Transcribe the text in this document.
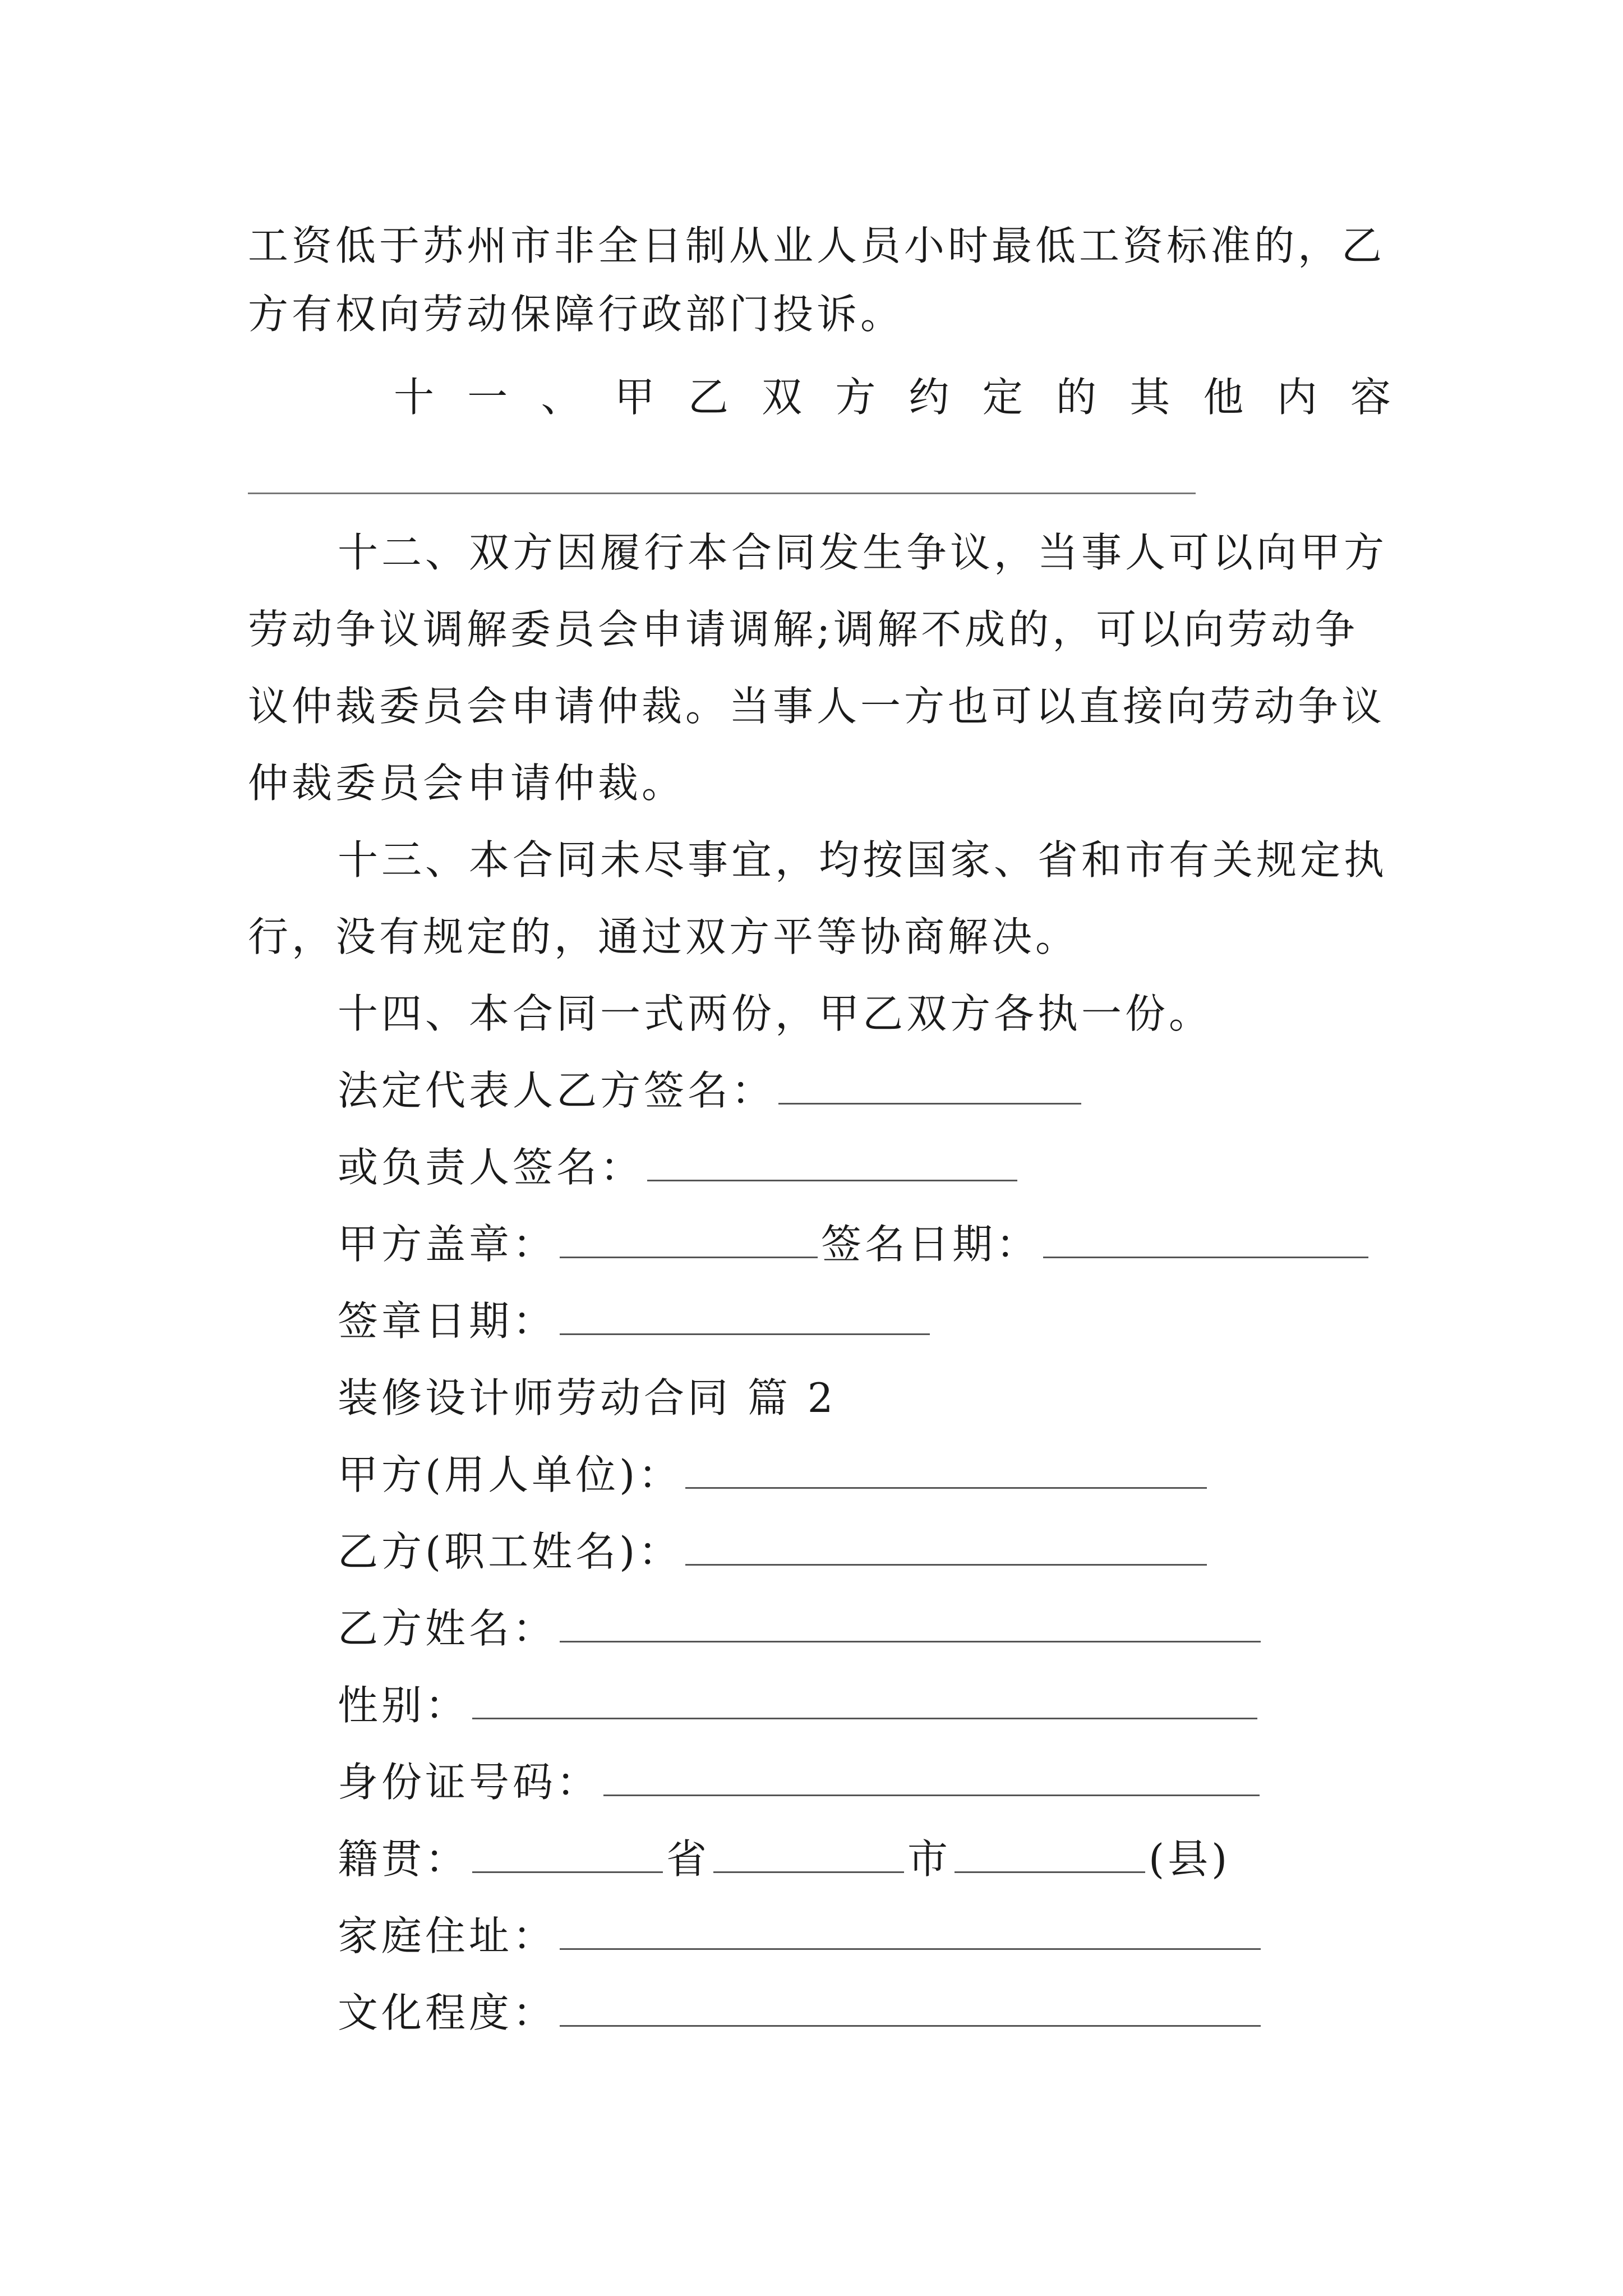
工资低于苏州市非全日制从业人员小时最低工资标准的，乙
方有权向劳动保障行政部门投诉。
十 一 、 甲 乙 双 方 约 定 的 其 他 内 容
十二、双方因履行本合同发生争议，当事人可以向甲方
劳动争议调解委员会申请调解;调解不成的，可以向劳动争
议仲裁委员会申请仲裁。当事人一方也可以直接向劳动争议
仲裁委员会申请仲裁。
十三、本合同未尽事宜，均按国家、省和市有关规定执
行，没有规定的，通过双方平等协商解决。
十四、本合同一式两份，甲乙双方各执一份。
法定代表人乙方签名：
或负责人签名：
甲方盖章：	签名日期：
签章日期：
装修设计师劳动合同 篇 2
甲方(用人单位)：
乙方(职工姓名)：
乙方姓名：
性别：
身份证号码：
籍贯：	省	市	(县)
家庭住址：
文化程度：
